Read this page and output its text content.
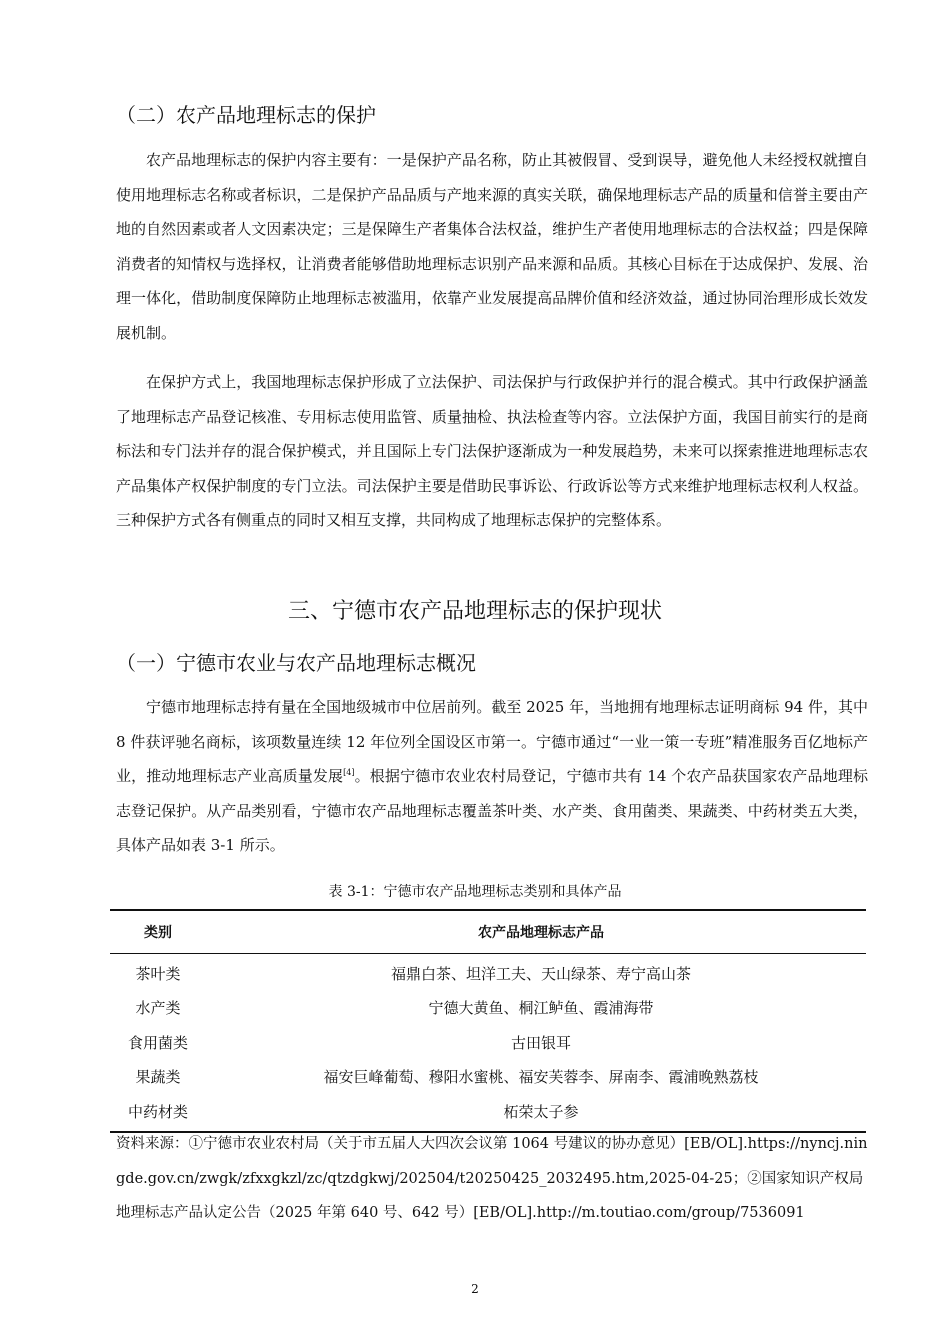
（二）农产品地理标志的保护
农产品地理标志的保护内容主要有：一是保护产品名称，防止其被假冒、受到误导，避免他人未经授权就擅自使用地理标志名称或者标识，二是保护产品品质与产地来源的真实关联，确保地理标志产品的质量和信誉主要由产地的自然因素或者人文因素决定；三是保障生产者集体合法权益，维护生产者使用地理标志的合法权益；四是保障消费者的知情权与选择权，让消费者能够借助地理标志识别产品来源和品质。其核心目标在于达成保护、发展、治理一体化，借助制度保障防止地理标志被滥用，依靠产业发展提高品牌价值和经济效益，通过协同治理形成长效发展机制。
在保护方式上，我国地理标志保护形成了立法保护、司法保护与行政保护并行的混合模式。其中行政保护涵盖了地理标志产品登记核准、专用标志使用监管、质量抽检、执法检查等内容。立法保护方面，我国目前实行的是商标法和专门法并存的混合保护模式，并且国际上专门法保护逐渐成为一种发展趋势，未来可以探索推进地理标志农产品集体产权保护制度的专门立法。司法保护主要是借助民事诉讼、行政诉讼等方式来维护地理标志权利人权益。三种保护方式各有侧重点的同时又相互支撑，共同构成了地理标志保护的完整体系。
三、宁德市农产品地理标志的保护现状
（一）宁德市农业与农产品地理标志概况
宁德市地理标志持有量在全国地级城市中位居前列。截至 2025 年，当地拥有地理标志证明商标 94 件，其中 8 件获评驰名商标，该项数量连续 12 年位列全国设区市第一。宁德市通过“一业一策一专班”精准服务百亿地标产业，推动地理标志产业高质量发展[4]。根据宁德市农业农村局登记，宁德市共有 14 个农产品获国家农产品地理标志登记保护。从产品类别看，宁德市农产品地理标志覆盖茶叶类、水产类、食用菌类、果蔬类、中药材类五大类，具体产品如表 3-1 所示。
表 3-1：宁德市农产品地理标志类别和具体产品
类别	农产品地理标志产品
茶叶类	福鼎白茶、坦洋工夫、天山绿茶、寿宁高山茶
水产类	宁德大黄鱼、桐江鲈鱼、霞浦海带
食用菌类	古田银耳
果蔬类	福安巨峰葡萄、穆阳水蜜桃、福安芙蓉李、屏南李、霞浦晚熟荔枝
中药材类	柘荣太子参
资料来源：①宁德市农业农村局（关于市五届人大四次会议第 1064 号建议的协办意见）[EB/OL].https://nyncj.ningde.gov.cn/zwgk/zfxxgkzl/zc/qtzdgkwj/202504/t20250425_2032495.htm,2025-04-25；②国家知识产权局地理标志产品认定公告（2025 年第 640 号、642 号）[EB/OL].http://m.toutiao.com/group/7536091
2
